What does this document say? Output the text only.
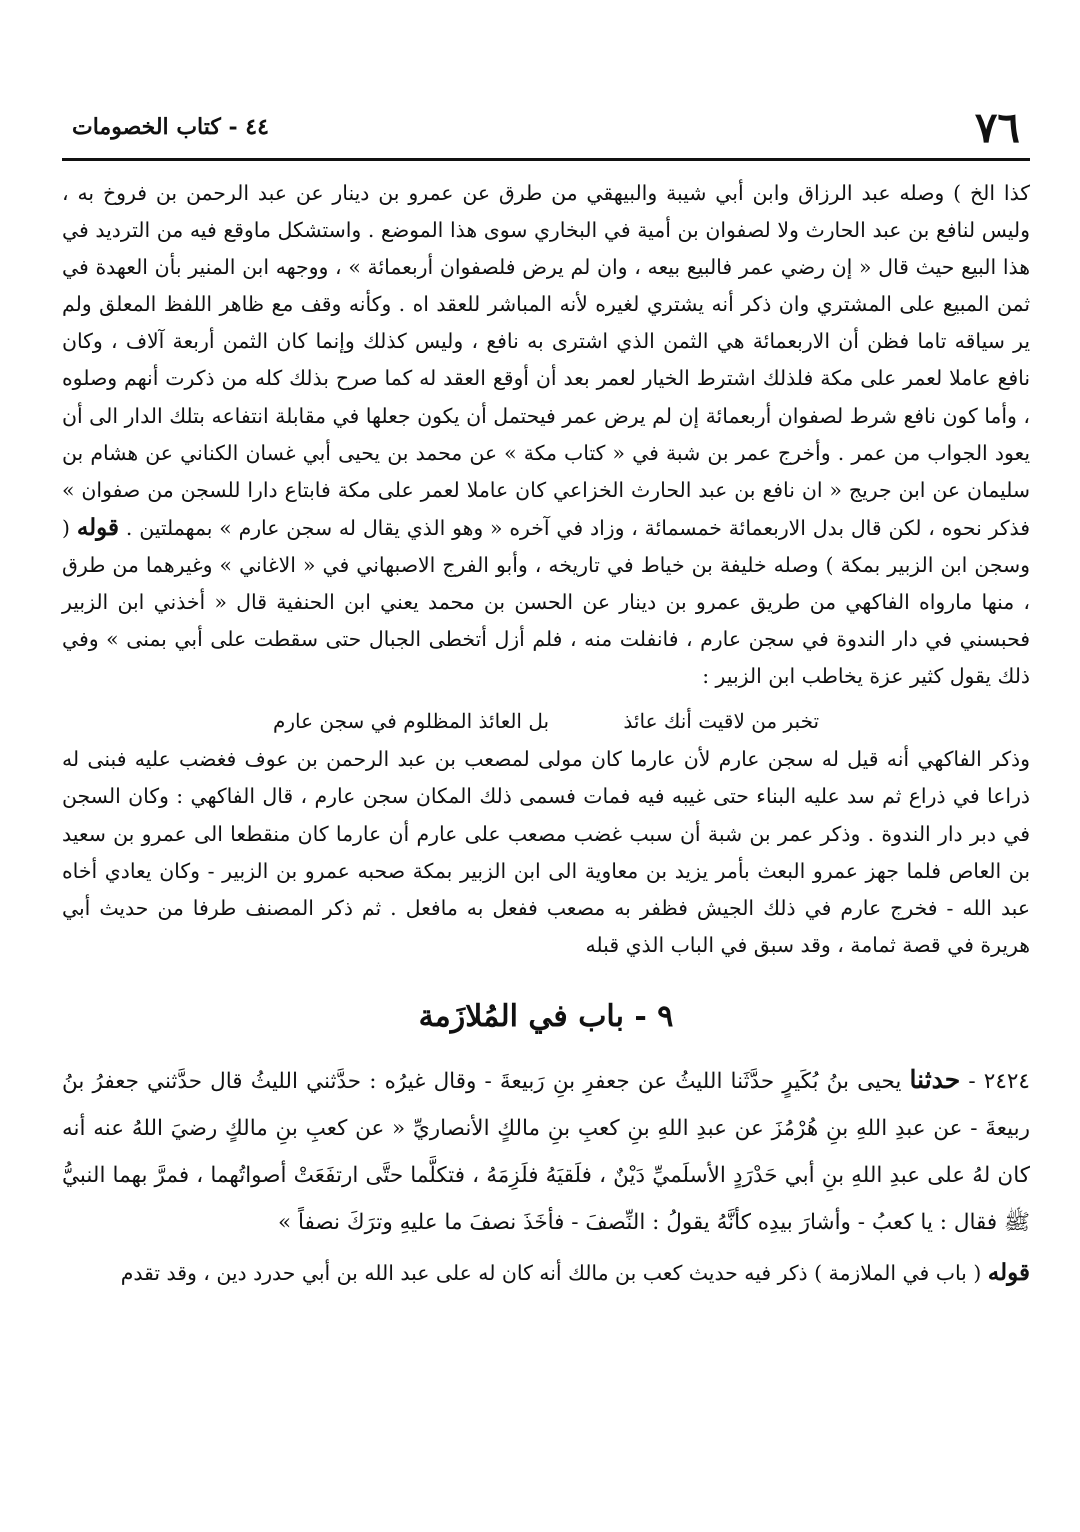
٧٦
٤٤ - كتاب الخصومات

كذا الخ ) وصله عبد الرزاق وابن أبي شيبة والبيهقي من طرق عن عمرو بن دينار عن عبد الرحمن بن فروخ به ، وليس لنافع بن عبد الحارث ولا لصفوان بن أمية في البخاري سوى هذا الموضع . واستشكل ماوقع فيه من الترديد في هذا البيع حيث قال « إن رضي عمر فالبيع بيعه ، وان لم يرض فلصفوان أربعمائة » ، ووجهه ابن المنير بأن العهدة في ثمن المبيع على المشتري وان ذكر أنه يشتري لغيره لأنه المباشر للعقد اه . وكأنه وقف مع ظاهر اللفظ المعلق ولم ير سياقه تاما فظن أن الاربعمائة هي الثمن الذي اشترى به نافع ، وليس كذلك وإنما كان الثمن أربعة آلاف ، وكان نافع عاملا لعمر على مكة فلذلك اشترط الخيار لعمر بعد أن أوقع العقد له كما صرح بذلك كله من ذكرت أنهم وصلوه ، وأما كون نافع شرط لصفوان أربعمائة إن لم يرض عمر فيحتمل أن يكون جعلها في مقابلة انتفاعه بتلك الدار الى أن يعود الجواب من عمر . وأخرج عمر بن شبة في « كتاب مكة » عن محمد بن يحيى أبي غسان الكناني عن هشام بن سليمان عن ابن جريج « ان نافع بن عبد الحارث الخزاعي كان عاملا لعمر على مكة فابتاع دارا للسجن من صفوان » فذكر نحوه ، لكن قال بدل الاربعمائة خمسمائة ، وزاد في آخره « وهو الذي يقال له سجن عارم » بمهملتين . قوله ( وسجن ابن الزبير بمكة ) وصله خليفة بن خياط في تاريخه ، وأبو الفرج الاصبهاني في « الاغاني » وغيرهما من طرق ، منها مارواه الفاكهي من طريق عمرو بن دينار عن الحسن بن محمد يعني ابن الحنفية قال « أخذني ابن الزبير فحبسني في دار الندوة في سجن عارم ، فانفلت منه ، فلم أزل أتخطى الجبال حتى سقطت على أبي بمنى » وفي ذلك يقول كثير عزة يخاطب ابن الزبير :

تخبر من لاقيت أنك عائذ بل العائذ المظلوم في سجن عارم

وذكر الفاكهي أنه قيل له سجن عارم لأن عارما كان مولى لمصعب بن عبد الرحمن بن عوف فغضب عليه فبنى له ذراعا في ذراع ثم سد عليه البناء حتى غيبه فيه فمات فسمى ذلك المكان سجن عارم ، قال الفاكهي : وكان السجن في دبر دار الندوة . وذكر عمر بن شبة أن سبب غضب مصعب على عارم أن عارما كان منقطعا الى عمرو بن سعيد بن العاص فلما جهز عمرو البعث بأمر يزيد بن معاوية الى ابن الزبير بمكة صحبه عمرو بن الزبير - وكان يعادي أخاه عبد الله - فخرج عارم في ذلك الجيش فظفر به مصعب ففعل به مافعل . ثم ذكر المصنف طرفا من حديث أبي هريرة في قصة ثمامة ، وقد سبق في الباب الذي قبله

٩ - باب في المُلازَمة

٢٤٢٤ - حدثنا يحيى بنُ بُكَيرٍ حدَّثَنا الليثُ عن جعفرِ بنِ رَبيعةَ - وقال غيرُه : حدَّثني الليثُ قال حدَّثني جعفرُ بنُ ربيعةَ - عن عبدِ اللهِ بنِ هُرْمُزَ عن عبدِ اللهِ بنِ كعبِ بنِ مالكٍ الأنصاريِّ « عن كعبِ بنِ مالكٍ رضيَ اللهُ عنه أنه كان لهُ على عبدِ اللهِ بنِ أبي حَدْرَدٍ الأسلَميِّ دَيْنٌ ، فلَقيَهُ فلَزِمَهُ ، فتكلَّما حتَّى ارتفَعَتْ أصواتُهما ، فمرَّ بهما النبيُّ ﷺ فقال : يا كعبُ - وأشارَ بيدِه كأنَّهُ يقولُ : النِّصفَ - فأخَذَ نصفَ ما عليهِ وترَكَ نصفاً »

قوله ( باب في الملازمة ) ذكر فيه حديث كعب بن مالك أنه كان له على عبد الله بن أبي حدرد دين ، وقد تقدم
